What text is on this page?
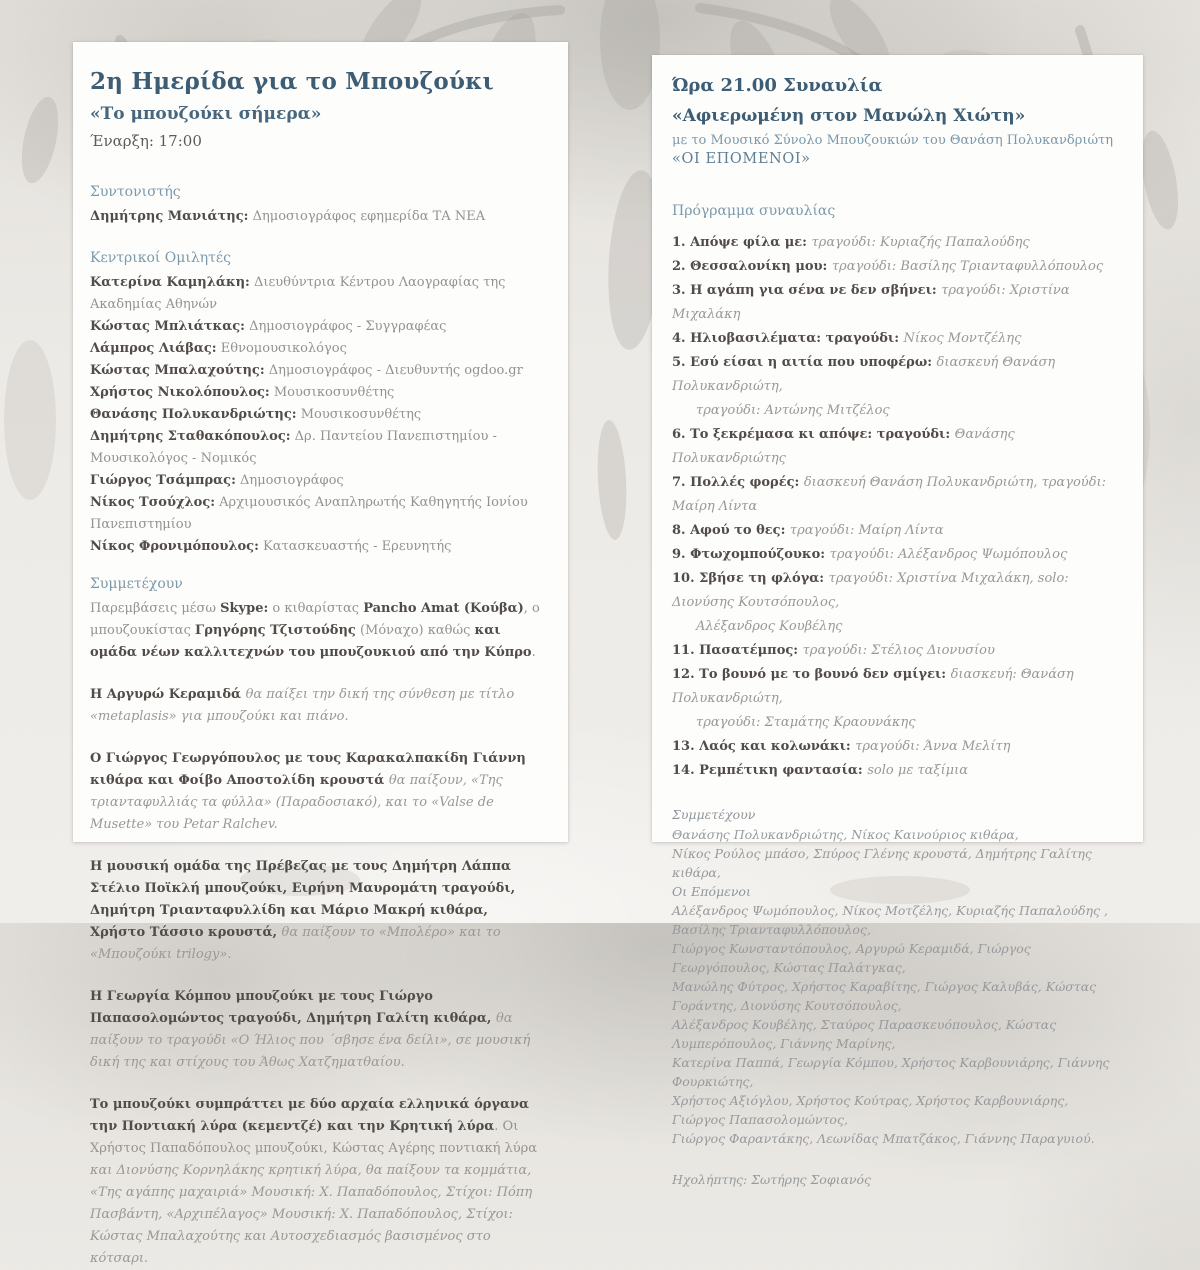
2η Ημερίδα για το Μπουζούκι
«Το μπουζούκι σήμερα»

Έναρξη: 17:00

Συντονιστής

Δημήτρης Μανιάτης: Δημοσιογράφος εφημερίδα ΤΑ ΝΕΑ

Κεντρικοί Ομιλητές

Κατερίνα Καμηλάκη: Διευθύντρια Κέντρου Λαογραφίας της Ακαδημίας Αθηνών

Κώστας Μπλιάτκας: Δημοσιογράφος - Συγγραφέας

Λάμπρος Λιάβας: Εθνομουσικολόγος

Κώστας Μπαλαχούτης: Δημοσιογράφος - Διευθυντής ogdoo.gr

Χρήστος Νικολόπουλος: Μουσικοσυνθέτης

Θανάσης Πολυκανδριώτης: Μουσικοσυνθέτης

Δημήτρης Σταθακόπουλος: Δρ. Παντείου Πανεπιστημίου - Μουσικολόγος - Νομικός

Γιώργος Τσάμπρας: Δημοσιογράφος

Νίκος Τσούχλος: Αρχιμουσικός Αναπληρωτής Καθηγητής Ιονίου Πανεπιστημίου

Νίκος Φρονιμόπουλος: Κατασκευαστής - Ερευνητής

Συμμετέχουν

Παρεμβάσεις μέσω Skype: ο κιθαρίστας Pancho Amat (Κούβα), ο μπουζουκίστας Γρηγόρης Τζιστούδης (Μόναχο) καθώς και ομάδα νέων καλλιτεχνών του μπουζουκιού από την Κύπρο.

Η Αργυρώ Κεραμιδά θα παίξει την δική της σύνθεση με τίτλο «metaplasis» για μπουζούκι και πιάνο.

Ο Γιώργος Γεωργόπουλος με τους Καρακαλπακίδη Γιάννη κιθάρα και Φοίβο Αποστολίδη κρουστά θα παίξουν, «Της τριανταφυλλιάς τα φύλλα» (Παραδοσιακό), και το «Valse de Musette» του Petar Ralchev.

Η μουσική ομάδα της Πρέβεζας με τους Δημήτρη Λάππα Στέλιο Ποϊκλή μπουζούκι, Ειρήνη Μαυρομάτη τραγούδι, Δημήτρη Τριανταφυλλίδη και Μάριο Μακρή κιθάρα, Χρήστο Τάσσιο κρουστά, θα παίξουν το «Μπολέρο» και το «Μπουζούκι trilogy».

Η Γεωργία Κόμπου μπουζούκι με τους Γιώργο Παπασολομώντος τραγούδι, Δημήτρη Γαλίτη κιθάρα, θα παίξουν το τραγούδι «Ο Ήλιος που ΄σβησε ένα δείλι», σε μουσική δική της και στίχους του Άθως Χατζηματθαίου.

Το μπουζούκι συμπράττει με δύο αρχαία ελληνικά όργανα την Ποντιακή λύρα (κεμεντζέ) και την Κρητική λύρα. Οι Χρήστος Παπαδόπουλος μπουζούκι, Κώστας Αγέρης ποντιακή λύρα και Διονύσης Κορνηλάκης κρητική λύρα, θα παίξουν τα κομμάτια, «Της αγάπης μαχαιριά» Μουσική: Χ. Παπαδόπουλος, Στίχοι: Πόπη Πασβάντη, «Αρχιπέλαγος» Μουσική: Χ. Παπαδόπουλος, Στίχοι: Κώστας Μπαλαχούτης και Αυτοσχεδιασμός βασισμένος στο κότσαρι.

Ώρα 21.00 Συναυλία
«Αφιερωμένη στον Μανώλη Χιώτη»

με το Μουσικό Σύνολο Μπουζουκιών του Θανάση Πολυκανδριώτη

«ΟΙ ΕΠΟΜΕΝΟΙ»

Πρόγραμμα συναυλίας

1. Απόψε φίλα με: τραγούδι: Κυριαζής Παπαλούδης

2. Θεσσαλονίκη μου: τραγούδι: Βασίλης Τριανταφυλλόπουλος

3. Η αγάπη για σένα νε δεν σβήνει: τραγούδι: Χριστίνα Μιχαλάκη

4. Ηλιοβασιλέματα: τραγούδι: Νίκος Μοντζέλης

5. Εσύ είσαι η αιτία που υποφέρω: διασκευή Θανάση Πολυκανδριώτη,
τραγούδι: Αντώνης Μιτζέλος

6. Το ξεκρέμασα κι απόψε: τραγούδι: Θανάσης Πολυκανδριώτης

7. Πολλές φορές: διασκευή Θανάση Πολυκανδριώτη, τραγούδι: Μαίρη Λίντα

8. Αφού το θες: τραγούδι: Μαίρη Λίντα

9. Φτωχομπούζουκο: τραγούδι: Αλέξανδρος Ψωμόπουλος

10. Σβήσε τη φλόγα: τραγούδι: Χριστίνα Μιχαλάκη, solo: Διονύσης Κουτσόπουλος,
Αλέξανδρος Κουβέλης

11. Πασατέμπος: τραγούδι: Στέλιος Διονυσίου

12. Το βουνό με το βουνό δεν σμίγει: διασκευή: Θανάση Πολυκανδριώτη,
τραγούδι: Σταμάτης Κραουνάκης

13. Λαός και κολωνάκι: τραγούδι: Άννα Μελίτη

14. Ρεμπέτικη φαντασία: solo με ταξίμια

Συμμετέχουν

Θανάσης Πολυκανδριώτης, Νίκος Καινούριος κιθάρα,

Νίκος Ρούλος μπάσο, Σπύρος Γλένης κρουστά, Δημήτρης Γαλίτης κιθάρα,

Οι Επόμενοι

Αλέξανδρος Ψωμόπουλος, Νίκος Μοτζέλης, Κυριαζής Παπαλούδης , Βασίλης Τριανταφυλλόπουλος,

Γιώργος Κωνσταντόπουλος, Αργυρώ Κεραμιδά, Γιώργος Γεωργόπουλος, Κώστας Παλάτγκας,

Μανώλης Φύτρος, Χρήστος Καραβίτης, Γιώργος Καλυβάς, Κώστας Γοράντης, Διονύσης Κουτσόπουλος,

Αλέξανδρος Κουβέλης, Σταύρος Παρασκευόπουλος, Κώστας Λυμπερόπουλος, Γιάννης Μαρίνης,

Κατερίνα Παππά, Γεωργία Κόμπου, Χρήστος Καρβουνιάρης, Γιάννης Φουρκιώτης,

Χρήστος Αξιόγλου, Χρήστος Κούτρας, Χρήστος Καρβουνιάρης, Γιώργος Παπασολομώντος,

Γιώργος Φαραντάκης, Λεωνίδας Μπατζάκος, Γιάννης Παραγυιού.

Ηχολήπτης: Σωτήρης Σοφιανός
